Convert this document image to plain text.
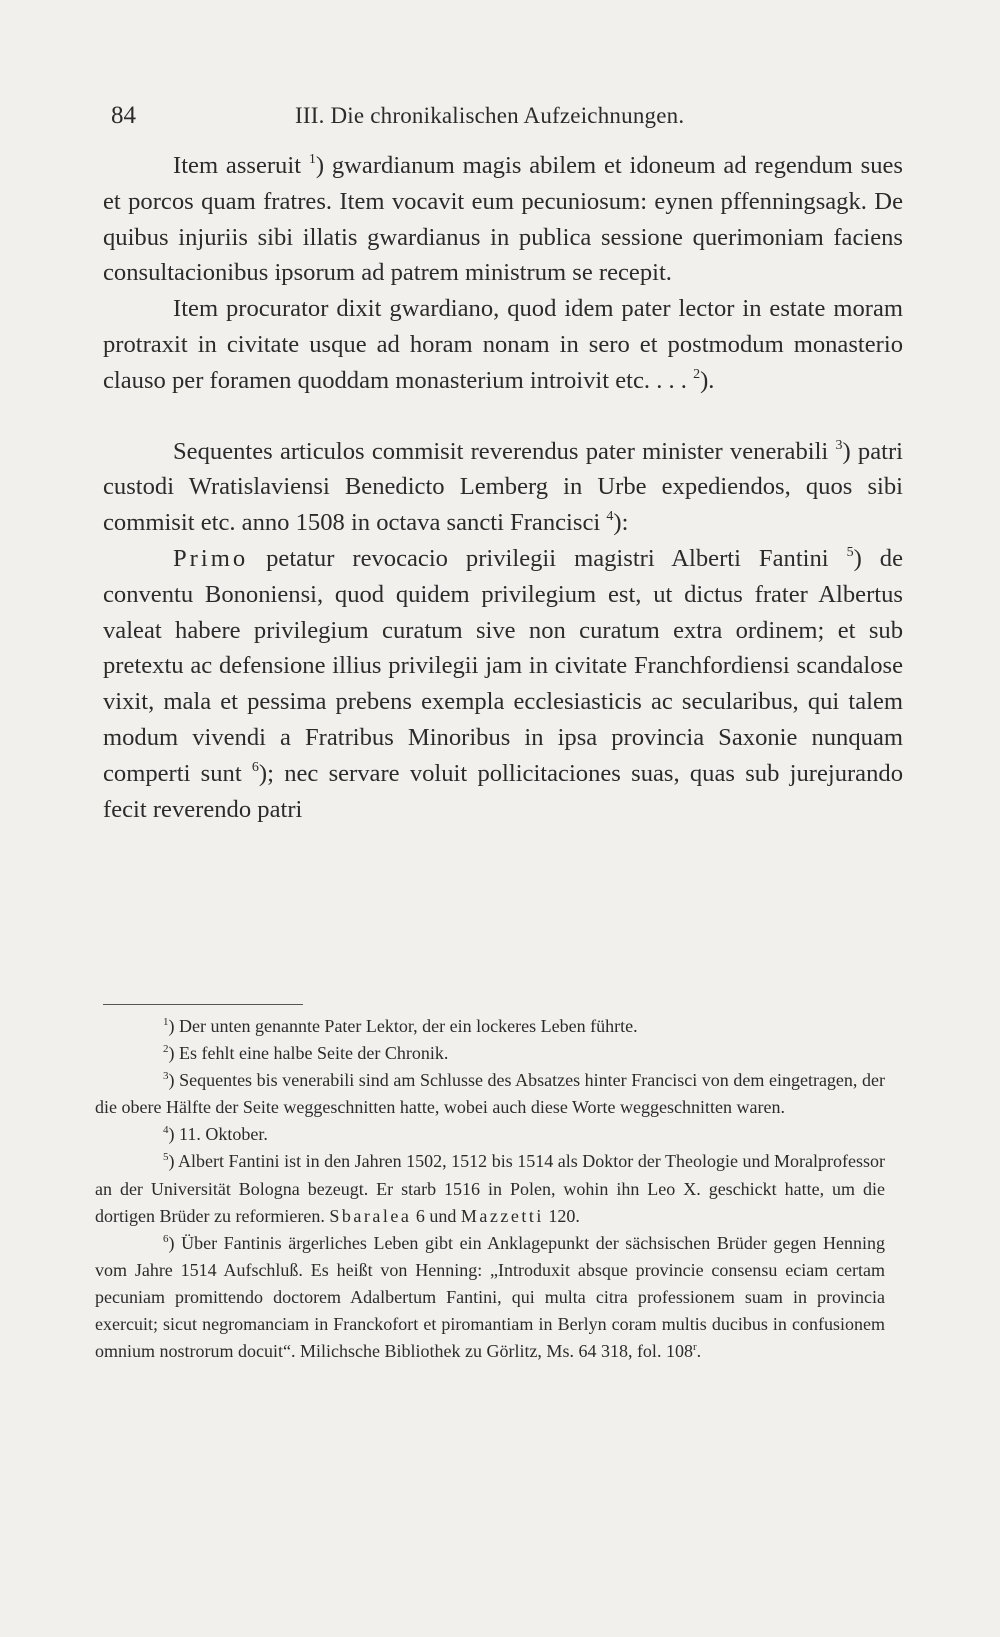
84	III. Die chronikalischen Aufzeichnungen.

Item asseruit $^1$) gwardianum magis abilem et idoneum ad regendum sues et porcos quam fratres. Item vocavit eum pecuniosum: eynen pffenningsagk. De quibus injuriis sibi illatis gwardianus in publica sessione querimoniam faciens consultacionibus ipsorum ad patrem ministrum se recepit.

Item procurator dixit gwardiano, quod idem pater lector in estate moram protraxit in civitate usque ad horam nonam in sero et postmodum monasterio clauso per foramen quoddam monasterium introivit etc. . . . $^2$).

Sequentes articulos commisit reverendus pater minister venerabili $^3$) patri custodi Wratislaviensi Benedicto Lemberg in Urbe expediendos, quos sibi commisit etc. anno 1508 in octava sancti Francisci $^4$):

Primo petatur revocacio privilegii magistri Alberti Fantini $^5$) de conventu Bononiensi, quod quidem privilegium est, ut dictus frater Albertus valeat habere privilegium curatum sive non curatum extra ordinem; et sub pretextu ac defensione illius privilegii jam in civitate Franchfordiensi scandalose vixit, mala et pessima prebens exempla ecclesiasticis ac secularibus, qui talem modum vivendi a Fratribus Minoribus in ipsa provincia Saxonie nunquam comperti sunt $^6$); nec servare voluit pollicitaciones suas, quas sub jurejurando fecit reverendo patri

$^1$) Der unten genannte Pater Lektor, der ein lockeres Leben führte.

$^2$) Es fehlt eine halbe Seite der Chronik.

$^3$) Sequentes bis venerabili sind am Schlusse des Absatzes hinter Francisci von dem eingetragen, der die obere Hälfte der Seite weggeschnitten hatte, wobei auch diese Worte weggeschnitten waren.

$^4$) 11. Oktober.

$^5$) Albert Fantini ist in den Jahren 1502, 1512 bis 1514 als Doktor der Theologie und Moralprofessor an der Universität Bologna bezeugt. Er starb 1516 in Polen, wohin ihn Leo X. geschickt hatte, um die dortigen Brüder zu reformieren. Sbaralea 6 und Mazzetti 120.

$^6$) Über Fantinis ärgerliches Leben gibt ein Anklagepunkt der sächsischen Brüder gegen Henning vom Jahre 1514 Aufschluß. Es heißt von Henning: „Introduxit absque provincie consensu eciam certam pecuniam promittendo doctorem Adalbertum Fantini, qui multa citra professionem suam in provincia exercuit; sicut negromanciam in Franckofort et piromantiam in Berlyn coram multis ducibus in confusionem omnium nostrorum docuit“. Milichsche Bibliothek zu Görlitz, Ms. 64 318, fol. 108$^r$.
